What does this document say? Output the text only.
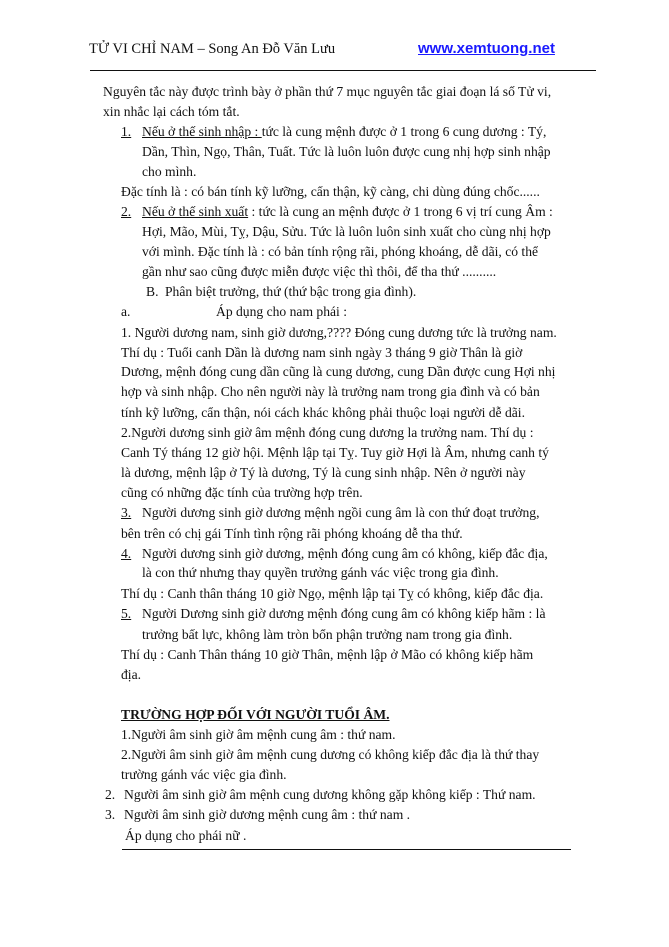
TỬ VI CHỈ NAM – Song An Đỗ Văn Lưu	www.xemtuong.net
Nguyên tắc này được trình bày ở phần thứ 7 mục nguyên tắc giai đoạn lá số Tử vi,
xin nhắc lại cách tóm tắt.
1. Nếu ở thế sinh nhập : tức là cung mệnh được ở 1 trong 6 cung dương : Tý,
Dần, Thìn, Ngọ, Thân, Tuất. Tức là luôn luôn được cung nhị hợp sinh nhập
cho mình.
Đặc tính là : có bán tính kỹ lưỡng, cẩn thận, kỹ càng, chi dùng đúng chốc......
2. Nếu ở thế sinh xuất : tức là cung an mệnh được ở 1 trong 6 vị trí cung Âm :
Hợi, Mão, Mùi, Tỵ, Dậu, Sửu. Tức là luôn luôn sinh xuất cho cùng nhị hợp
với mình. Đặc tính là : có bản tính rộng rãi, phóng khoáng, dễ dãi, có thể
gần như sao cũng được miễn được việc thì thôi, để tha thứ ..........
B. Phân biệt trưởng, thứ (thứ bậc trong gia đình).
a.	Áp dụng cho nam phái :
1. Người dương nam, sinh giờ dương,???? Đóng cung dương tức là trưởng nam.
Thí dụ : Tuổi canh Dần là dương nam sinh ngày 3 tháng 9 giờ Thân là giờ
Dương, mệnh đóng cung dần cũng là cung dương, cung Dần được cung Hợi nhị
hợp và sinh nhập. Cho nên người này là trưởng nam trong gia đình và có bản
tính kỹ lưỡng, cẩn thận, nói cách khác không phải thuộc loại người dễ dãi.
2.Người dương sinh giờ âm mệnh đóng cung dương la trưởng nam. Thí dụ :
Canh Tý tháng 12 giờ hội. Mệnh lập tại Tỵ. Tuy giờ Hợi là Âm, nhưng canh tý
là dương, mệnh lập ở Tý là dương, Tý là cung sinh nhập. Nên ở người này
cũng có những đặc tính của trường hợp trên.
3. Người dương sinh giờ dương mệnh ngồi cung âm là con thứ đoạt trưởng,
bên trên có chị gái Tính tình rộng rãi phóng khoáng dễ tha thứ.
4. Người dương sinh giờ dương, mệnh đóng cung âm có không, kiếp đắc địa,
là con thứ nhưng thay quyền trưởng gánh vác việc trong gia đình.
Thí dụ : Canh thân tháng 10 giờ Ngọ, mệnh lập tại Tỵ có không, kiếp đắc địa.
5. Người Dương sinh giờ dương mệnh đóng cung âm có không kiếp hãm : là
trưởng bất lực, không làm tròn bổn phận trưởng nam trong gia đình.
Thí dụ : Canh Thân tháng 10 giờ Thân, mệnh lập ở Mão có không kiếp hãm
địa.
TRƯỜNG HỢP ĐỐI VỚI NGƯỜI TUỔI ÂM.
1.Người âm sinh giờ âm mệnh cung âm : thứ nam.
2.Người âm sinh giờ âm mệnh cung dương có không kiếp đắc địa là thứ thay
trường gánh vác việc gia đình.
2. Người âm sinh giờ âm mệnh cung dương không gặp không kiếp : Thứ nam.
3. Người âm sinh giờ dương mệnh cung âm : thứ nam .
Áp dụng cho phái nữ .
